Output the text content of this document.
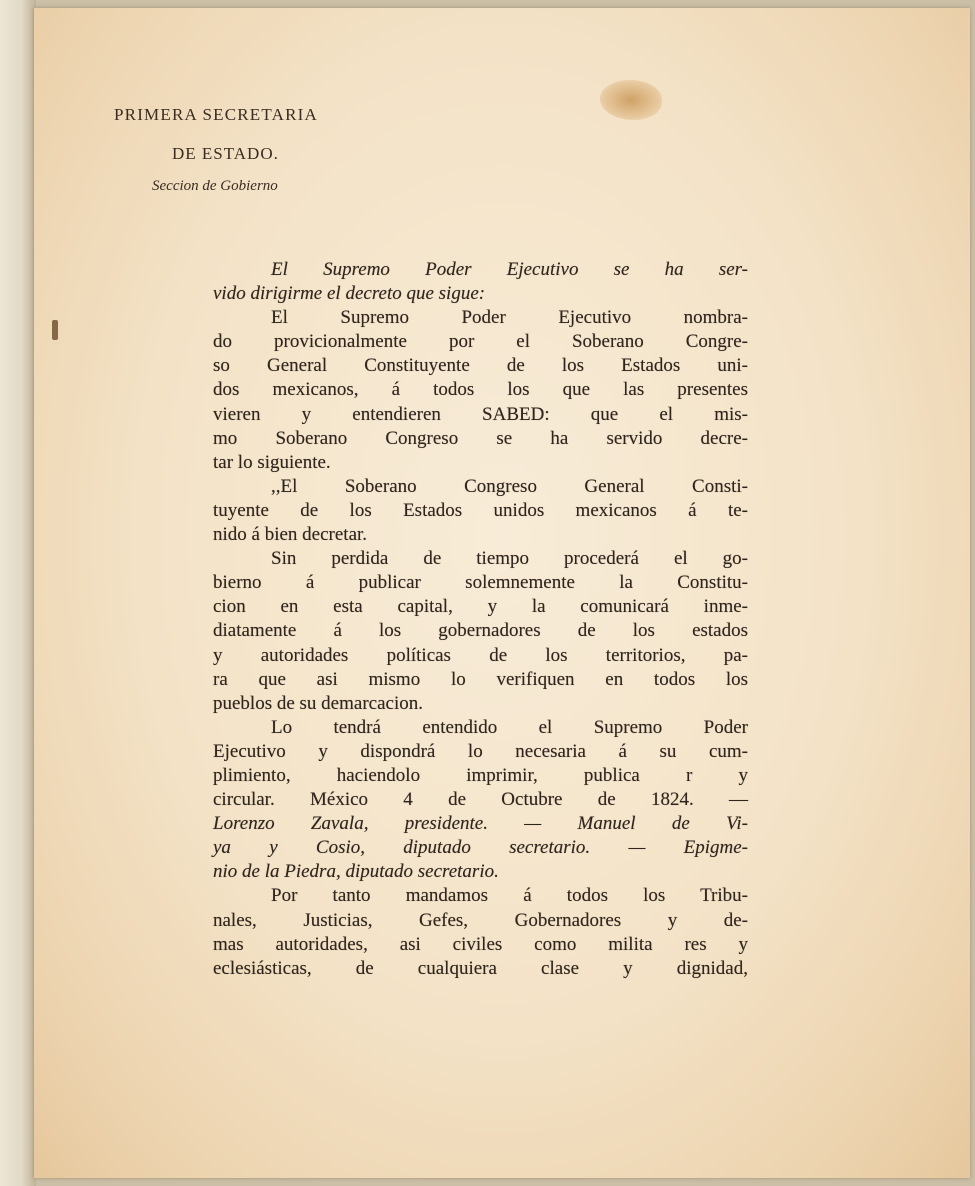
PRIMERA SECRETARIA
DE ESTADO.
Seccion de Gobierno
El Supremo Poder Ejecutivo se ha ser-
vido dirigirme el decreto que sigue:
El Supremo Poder Ejecutivo nombra-
do provicionalmente por el Soberano Congre-
so General Constituyente de los Estados uni-
dos mexicanos, á todos los que las presentes
vieren y entendieren SABED: que el mis-
mo Soberano Congreso se ha servido decre-
tar lo siguiente.
,,El Soberano Congreso General Consti-
tuyente de los Estados unidos mexicanos á te-
nido á bien decretar.
Sin perdida de tiempo procederá el go-
bierno á publicar solemnemente la Constitu-
cion en esta capital, y la comunicará inme-
diatamente á los gobernadores de los estados
y autoridades políticas de los territorios, pa-
ra que asi mismo lo verifiquen en todos los
pueblos de su demarcacion.
Lo tendrá entendido el Supremo Poder
Ejecutivo y dispondrá lo necesaria á su cum-
plimiento, haciendolo imprimir, publica r y
circular. México 4 de Octubre de 1824. —
Lorenzo Zavala, presidente. — Manuel de Vi-
ya y Cosio, diputado secretario. — Epigme-
nio de la Piedra, diputado secretario.
Por tanto mandamos á todos los Tribu-
nales, Justicias, Gefes, Gobernadores y de-
mas autoridades, asi civiles como milita res y
eclesiásticas, de cualquiera clase y dignidad,
